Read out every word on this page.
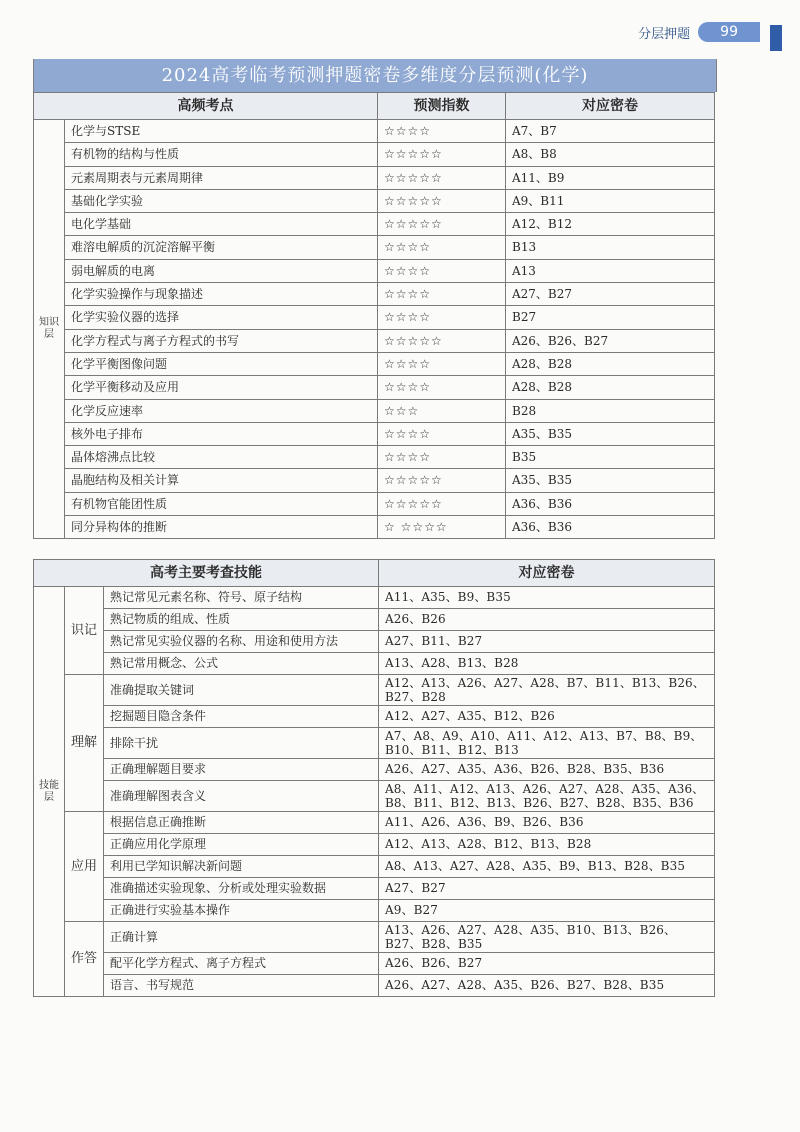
分层押题	99
2024高考临考预测押题密卷多维度分层预测(化学)
高频考点		预测指数	对应密卷
知识层	化学与STSE	☆☆☆☆	A7、B7
	有机物的结构与性质	☆☆☆☆☆	A8、B8
	元素周期表与元素周期律	☆☆☆☆☆	A11、B9
	基础化学实验	☆☆☆☆☆	A9、B11
	电化学基础	☆☆☆☆☆	A12、B12
	难溶电解质的沉淀溶解平衡	☆☆☆☆	B13
	弱电解质的电离	☆☆☆☆	A13
	化学实验操作与现象描述	☆☆☆☆	A27、B27
	化学实验仪器的选择	☆☆☆☆	B27
	化学方程式与离子方程式的书写	☆☆☆☆☆	A26、B26、B27
	化学平衡图像问题	☆☆☆☆	A28、B28
	化学平衡移动及应用	☆☆☆☆	A28、B28
	化学反应速率	☆☆☆	B28
	核外电子排布	☆☆☆☆	A35、B35
	晶体熔沸点比较	☆☆☆☆	B35
	晶胞结构及相关计算	☆☆☆☆☆	A35、B35
	有机物官能团性质	☆☆☆☆☆	A36、B36
	同分异构体的推断	☆ ☆☆☆☆	A36、B36
高考主要考查技能			对应密卷
技能层	识记	熟记常见元素名称、符号、原子结构	A11、A35、B9、B35
		熟记物质的组成、性质	A26、B26
		熟记常见实验仪器的名称、用途和使用方法	A27、B11、B27
		熟记常用概念、公式	A13、A28、B13、B28
	理解	准确提取关键词	A12、A13、A26、A27、A28、B7、B11、B13、B26、B27、B28
		挖掘题目隐含条件	A12、A27、A35、B12、B26
		排除干扰	A7、A8、A9、A10、A11、A12、A13、B7、B8、B9、B10、B11、B12、B13
		正确理解题目要求	A26、A27、A35、A36、B26、B28、B35、B36
		准确理解图表含义	A8、A11、A12、A13、A26、A27、A28、A35、A36、B8、B11、B12、B13、B26、B27、B28、B35、B36
	应用	根据信息正确推断	A11、A26、A36、B9、B26、B36
		正确应用化学原理	A12、A13、A28、B12、B13、B28
		利用已学知识解决新问题	A8、A13、A27、A28、A35、B9、B13、B28、B35
		准确描述实验现象、分析或处理实验数据	A27、B27
		正确进行实验基本操作	A9、B27
	作答	正确计算	A13、A26、A27、A28、A35、B10、B13、B26、B27、B28、B35
		配平化学方程式、离子方程式	A26、B26、B27
		语言、书写规范	A26、A27、A28、A35、B26、B27、B28、B35
